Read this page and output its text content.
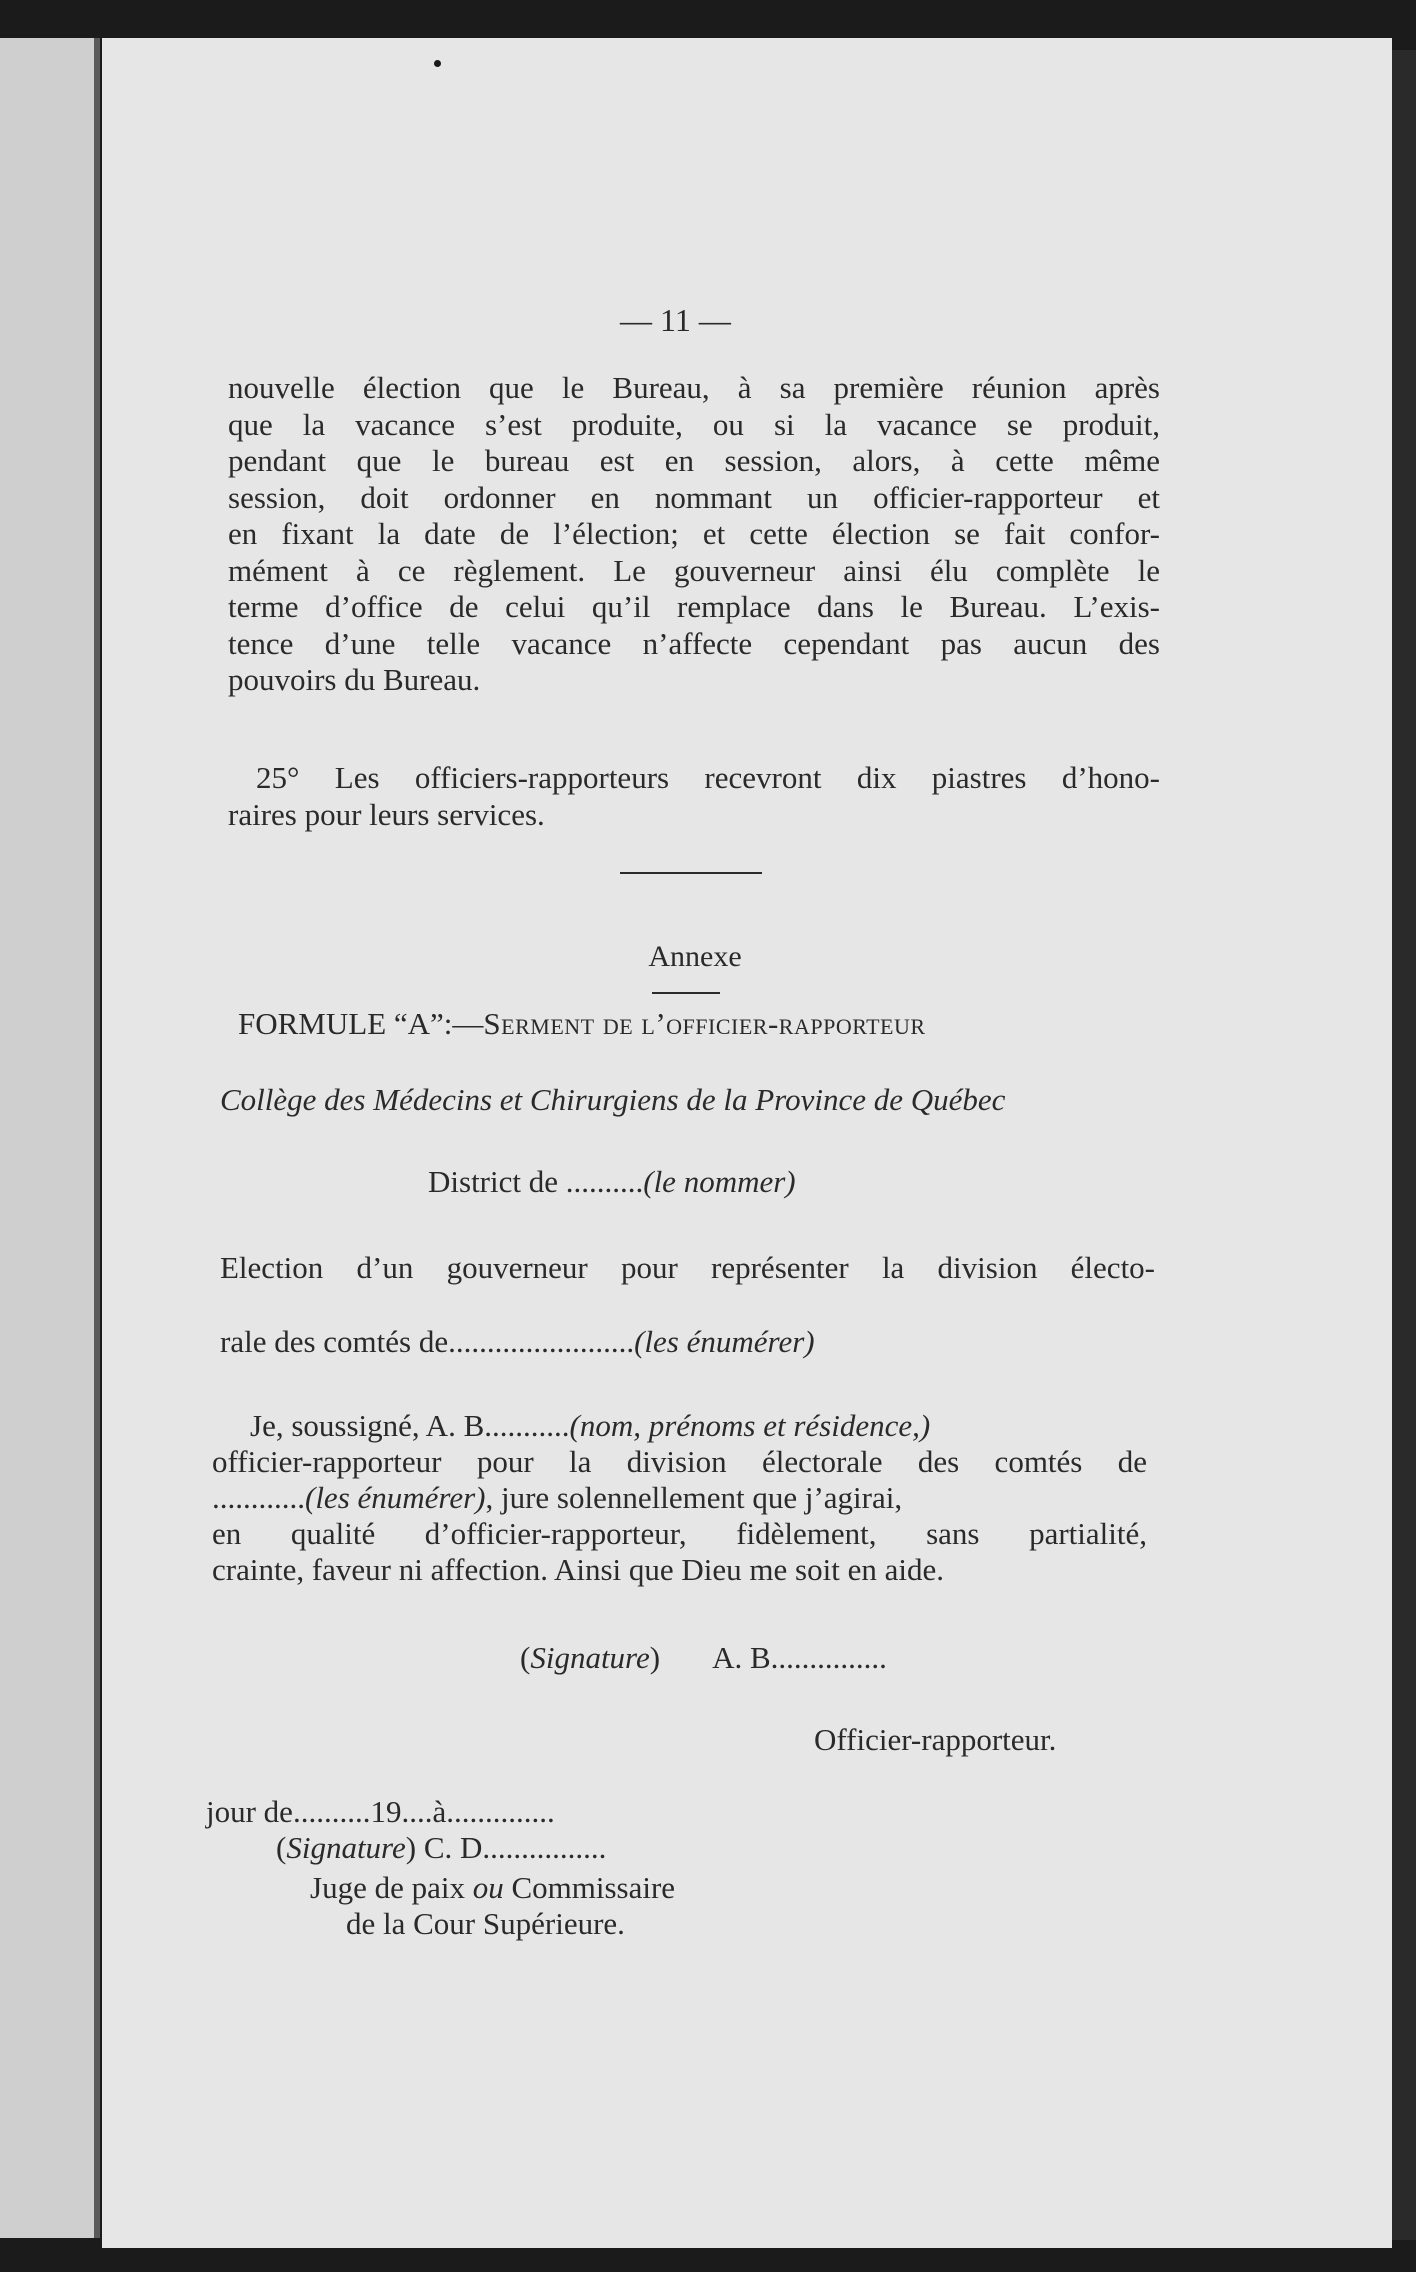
— 11 —
nouvelle élection que le Bureau, à sa première réunion après
que la vacance s’est produite, ou si la vacance se produit,
pendant que le bureau est en session, alors, à cette même
session, doit ordonner en nommant un officier-rapporteur et
en fixant la date de l’élection; et cette élection se fait confor-
mément à ce règlement. Le gouverneur ainsi élu complète le
terme d’office de celui qu’il remplace dans le Bureau. L’exis-
tence d’une telle vacance n’affecte cependant pas aucun des
pouvoirs du Bureau.
25° Les officiers-rapporteurs recevront dix piastres d’hono-
raires pour leurs services.
Annexe
FORMULE “A”:—Serment de l’officier-rapporteur
Collège des Médecins et Chirurgiens de la Province de Québec
District de ..........(le nommer)
Election d’un gouverneur pour représenter la division électo-
rale des comtés de........................(les énumérer)
Je, soussigné, A. B...........(nom, prénoms et résidence,)
officier-rapporteur pour la division électorale des comtés de
............(les énumérer), jure solennellement que j’agirai,
en qualité d’officier-rapporteur, fidèlement, sans partialité,
crainte, faveur ni affection. Ainsi que Dieu me soit en aide.
(Signature) A. B...............
Officier-rapporteur.
jour de..........19....à..............
(Signature) C. D................
Juge de paix ou Commissaire
de la Cour Supérieure.
